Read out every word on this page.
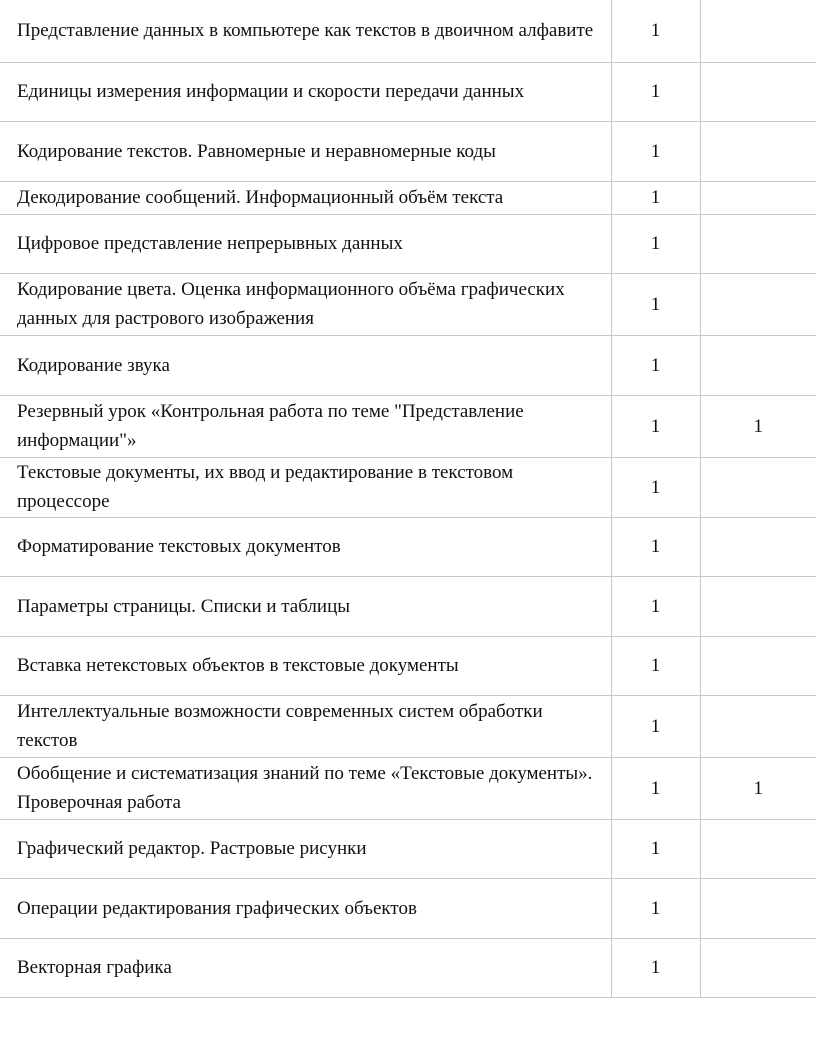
Представление данных в компьютере как текстов в двоичном алфавите	1	
Единицы измерения информации и скорости передачи данных	1	
Кодирование текстов. Равномерные и неравномерные коды	1	
Декодирование сообщений. Информационный объём текста	1	
Цифровое представление непрерывных данных	1	
Кодирование цвета. Оценка информационного объёма графических данных для растрового изображения	1	
Кодирование звука	1	
Резервный урок «Контрольная работа по теме "Представление информации"»	1	1
Текстовые документы, их ввод и редактирование в текстовом процессоре	1	
Форматирование текстовых документов	1	
Параметры страницы. Списки и таблицы	1	
Вставка нетекстовых объектов в текстовые документы	1	
Интеллектуальные возможности современных систем обработки текстов	1	
Обобщение и систематизация знаний по теме «Текстовые документы». Проверочная работа	1	1
Графический редактор. Растровые рисунки	1	
Операции редактирования графических объектов	1	
Векторная графика	1	
